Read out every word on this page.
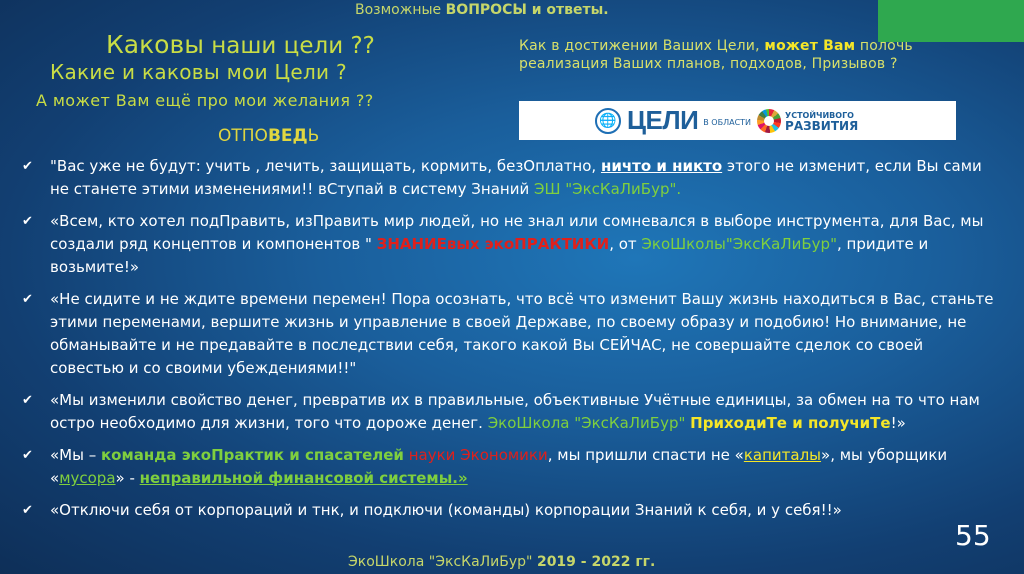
Возможные ВОПРОСЫ и ответы.
Каковы наши цели ??
Какие и каковы мои Цели ?
А может Вам ещё про мои желания ??
ОТПОВЕДЬ
Как в достижении Ваших Цели, может Вам полочь
реализация Ваших планов, подходов, Призывов ?
🌐 ЦЕЛИ В ОБЛАСТИ
УСТОЙЧИВОГО
РАЗВИТИЯ
✔ "Вас уже не будут: учить , лечить, защищать, кормить, безОплатно, ничто и никто этого не изменит, если Вы сами не станете этими изменениями!! вСтупай в систему Знаний ЭШ "ЭксКаЛиБур".
✔ «Всем, кто хотел подПравить, изПравить мир людей, но не знал или сомневался в выборе инструмента, для Вас, мы создали ряд концептов и компонентов " ЗНАНИЕвых экоПРАКТИКИ, от ЭкоШколы"ЭксКаЛиБур", придите и возьмите!»
✔ «Не сидите и не ждите времени перемен! Пора осознать, что всё что изменит Вашу жизнь находиться в Вас, станьте этими переменами, вершите жизнь и управление в своей Державе, по своему образу и подобию! Но внимание, не обманывайте и не предавайте в последствии себя, такого какой Вы СЕЙЧАС, не совершайте сделок со своей совестью и со своими убеждениями!!"
✔ «Мы изменили свойство денег, превратив их в правильные, объективные Учётные единицы, за обмен на то что нам остро необходимо для жизни, того что дороже денег. ЭкоШкола "ЭксКаЛиБур" ПриходиТе и получиТе!»
✔ «Мы – команда экоПрактик и спасателей науки Экономики, мы пришли спасти не «капиталы», мы уборщики «мусора» - неправильной финансовой системы.»
✔ «Отключи себя от корпораций и тнк, и подключи (команды) корпорации Знаний к себя, и у себя!!»
55
ЭкоШкола "ЭксКаЛиБур" 2019 - 2022 гг.
